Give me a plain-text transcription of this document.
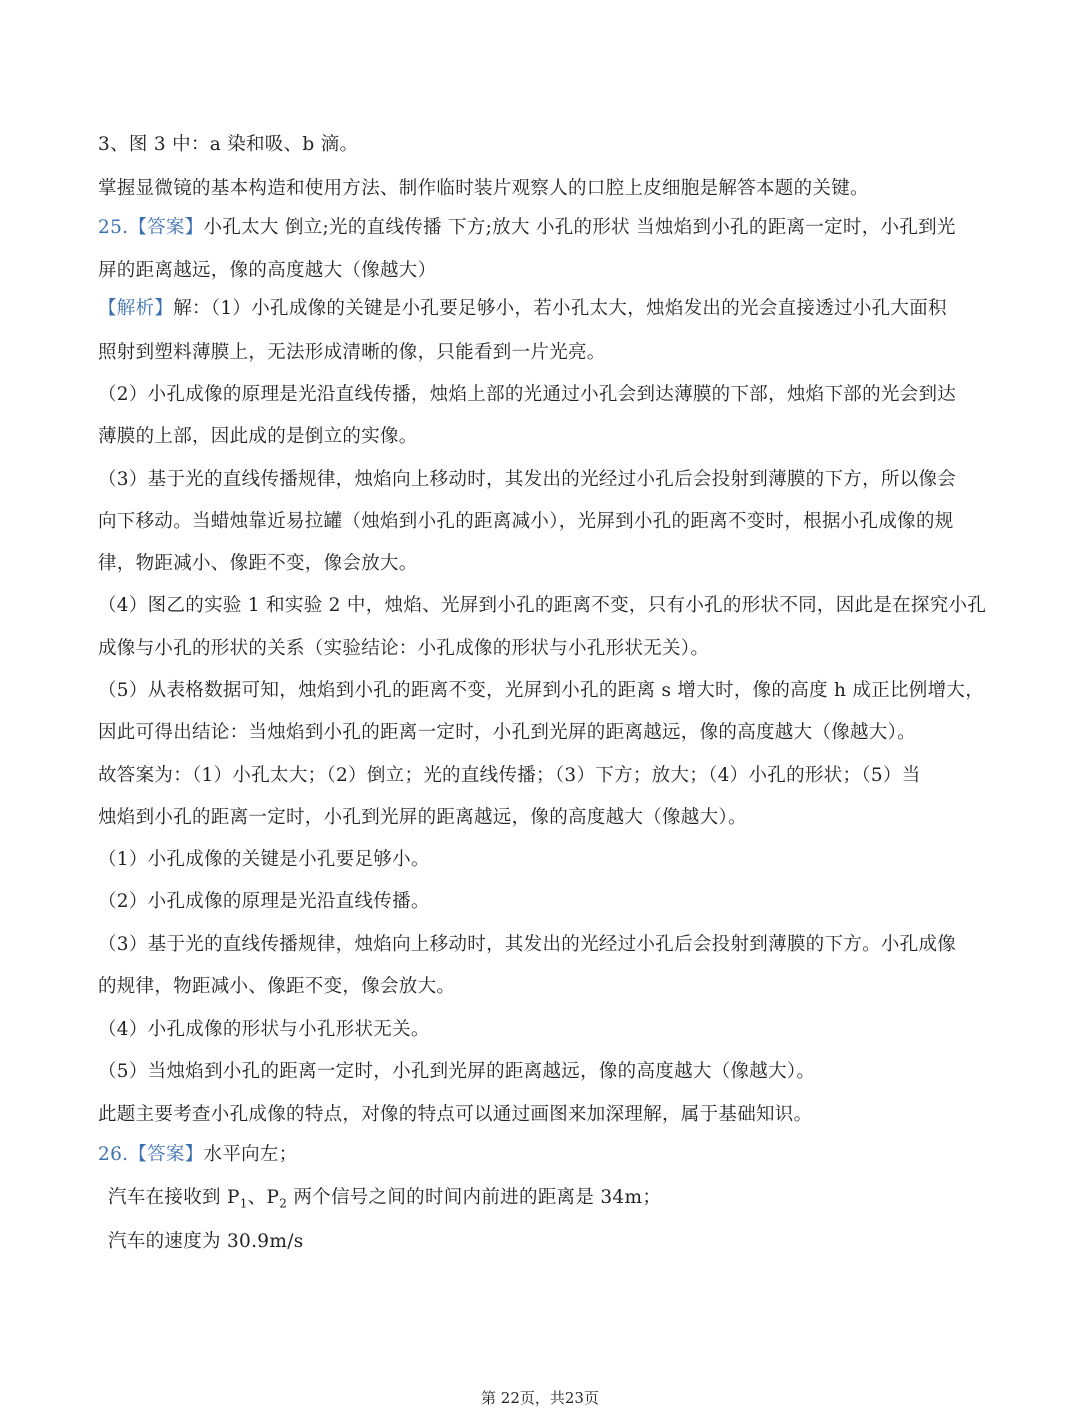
3、图 3 中：a 染和吸、b 滴。
掌握显微镜的基本构造和使用方法、制作临时装片观察人的口腔上皮细胞是解答本题的关键。
25.【答案】小孔太大 倒立;光的直线传播 下方;放大 小孔的形状 当烛焰到小孔的距离一定时，小孔到光
屏的距离越远，像的高度越大（像越大）
【解析】解：（1）小孔成像的关键是小孔要足够小，若小孔太大，烛焰发出的光会直接透过小孔大面积
照射到塑料薄膜上，无法形成清晰的像，只能看到一片光亮。
（2）小孔成像的原理是光沿直线传播，烛焰上部的光通过小孔会到达薄膜的下部，烛焰下部的光会到达
薄膜的上部，因此成的是倒立的实像。
（3）基于光的直线传播规律，烛焰向上移动时，其发出的光经过小孔后会投射到薄膜的下方，所以像会
向下移动。当蜡烛靠近易拉罐（烛焰到小孔的距离减小），光屏到小孔的距离不变时，根据小孔成像的规
律，物距减小、像距不变，像会放大。
（4）图乙的实验 1 和实验 2 中，烛焰、光屏到小孔的距离不变，只有小孔的形状不同，因此是在探究小孔
成像与小孔的形状的关系（实验结论：小孔成像的形状与小孔形状无关）。
（5）从表格数据可知，烛焰到小孔的距离不变，光屏到小孔的距离 s 增大时，像的高度 h 成正比例增大，
因此可得出结论：当烛焰到小孔的距离一定时，小孔到光屏的距离越远，像的高度越大（像越大）。
故答案为：（1）小孔太大；（2）倒立；光的直线传播；（3）下方；放大；（4）小孔的形状；（5）当
烛焰到小孔的距离一定时，小孔到光屏的距离越远，像的高度越大（像越大）。
（1）小孔成像的关键是小孔要足够小。
（2）小孔成像的原理是光沿直线传播。
（3）基于光的直线传播规律，烛焰向上移动时，其发出的光经过小孔后会投射到薄膜的下方。小孔成像
的规律，物距减小、像距不变，像会放大。
（4）小孔成像的形状与小孔形状无关。
（5）当烛焰到小孔的距离一定时，小孔到光屏的距离越远，像的高度越大（像越大）。
此题主要考查小孔成像的特点，对像的特点可以通过画图来加深理解，属于基础知识。
26.【答案】水平向左；
汽车在接收到 $P_1$、$P_2$ 两个信号之间的时间内前进的距离是 34m；
汽车的速度为 30.9m/s
第 22页，共23页
